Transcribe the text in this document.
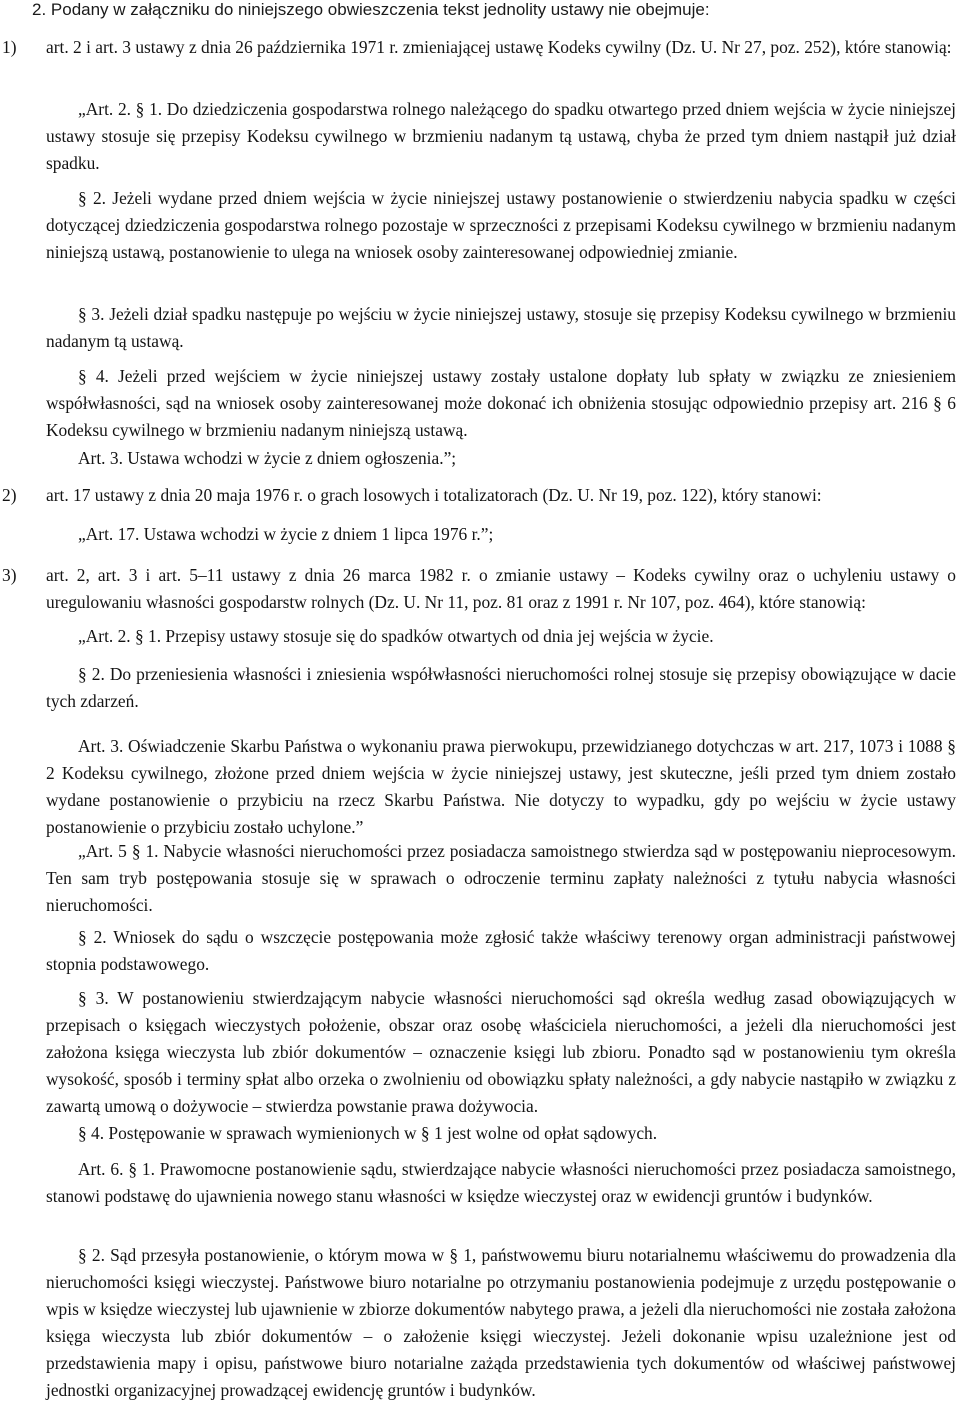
2. Podany w załączniku do niniejszego obwieszczenia tekst jednolity ustawy nie obejmuje:
1) art. 2 i art. 3 ustawy z dnia 26 października 1971 r. zmieniającej ustawę Kodeks cywilny (Dz. U. Nr 27, poz. 252), które stanowią:
„Art. 2. § 1. Do dziedziczenia gospodarstwa rolnego należącego do spadku otwartego przed dniem wejścia w życie niniejszej ustawy stosuje się przepisy Kodeksu cywilnego w brzmieniu nadanym tą ustawą, chyba że przed tym dniem nastąpił już dział spadku.
§ 2. Jeżeli wydane przed dniem wejścia w życie niniejszej ustawy postanowienie o stwierdzeniu nabycia spadku w części dotyczącej dziedziczenia gospodarstwa rolnego pozostaje w sprzeczności z przepisami Kodeksu cywilnego w brzmieniu nadanym niniejszą ustawą, postanowienie to ulega na wniosek osoby zainteresowanej odpowiedniej zmianie.
§ 3. Jeżeli dział spadku następuje po wejściu w życie niniejszej ustawy, stosuje się przepisy Kodeksu cywilnego w brzmieniu nadanym tą ustawą.
§ 4. Jeżeli przed wejściem w życie niniejszej ustawy zostały ustalone dopłaty lub spłaty w związku ze zniesieniem współwłasności, sąd na wniosek osoby zainteresowanej może dokonać ich obniżenia stosując odpowiednio przepisy art. 216 § 6 Kodeksu cywilnego w brzmieniu nadanym niniejszą ustawą.
Art. 3. Ustawa wchodzi w życie z dniem ogłoszenia.”;
2) art. 17 ustawy z dnia 20 maja 1976 r. o grach losowych i totalizatorach (Dz. U. Nr 19, poz. 122), który stanowi:
„Art. 17. Ustawa wchodzi w życie z dniem 1 lipca 1976 r.”;
3) art. 2, art. 3 i art. 5–11 ustawy z dnia 26 marca 1982 r. o zmianie ustawy – Kodeks cywilny oraz o uchyleniu ustawy o uregulowaniu własności gospodarstw rolnych (Dz. U. Nr 11, poz. 81 oraz z 1991 r. Nr 107, poz. 464), które stanowią:
„Art. 2. § 1. Przepisy ustawy stosuje się do spadków otwartych od dnia jej wejścia w życie.
§ 2. Do przeniesienia własności i zniesienia współwłasności nieruchomości rolnej stosuje się przepisy obowiązujące w dacie tych zdarzeń.
Art. 3. Oświadczenie Skarbu Państwa o wykonaniu prawa pierwokupu, przewidzianego dotychczas w art. 217, 1073 i 1088 § 2 Kodeksu cywilnego, złożone przed dniem wejścia w życie niniejszej ustawy, jest skuteczne, jeśli przed tym dniem zostało wydane postanowienie o przybiciu na rzecz Skarbu Państwa. Nie dotyczy to wypadku, gdy po wejściu w życie ustawy postanowienie o przybiciu zostało uchylone.”
„Art. 5 § 1. Nabycie własności nieruchomości przez posiadacza samoistnego stwierdza sąd w postępowaniu nieprocesowym. Ten sam tryb postępowania stosuje się w sprawach o odroczenie terminu zapłaty należności z tytułu nabycia własności nieruchomości.
§ 2. Wniosek do sądu o wszczęcie postępowania może zgłosić także właściwy terenowy organ administracji państwowej stopnia podstawowego.
§ 3. W postanowieniu stwierdzającym nabycie własności nieruchomości sąd określa według zasad obowiązujących w przepisach o księgach wieczystych położenie, obszar oraz osobę właściciela nieruchomości, a jeżeli dla nieruchomości jest założona księga wieczysta lub zbiór dokumentów – oznaczenie księgi lub zbioru. Ponadto sąd w postanowieniu tym określa wysokość, sposób i terminy spłat albo orzeka o zwolnieniu od obowiązku spłaty należności, a gdy nabycie nastąpiło w związku z zawartą umową o dożywocie – stwierdza powstanie prawa dożywocia.
§ 4. Postępowanie w sprawach wymienionych w § 1 jest wolne od opłat sądowych.
Art. 6. § 1. Prawomocne postanowienie sądu, stwierdzające nabycie własności nieruchomości przez posiadacza samoistnego, stanowi podstawę do ujawnienia nowego stanu własności w księdze wieczystej oraz w ewidencji gruntów i budynków.
§ 2. Sąd przesyła postanowienie, o którym mowa w § 1, państwowemu biuru notarialnemu właściwemu do prowadzenia dla nieruchomości księgi wieczystej. Państwowe biuro notarialne po otrzymaniu postanowienia podejmuje z urzędu postępowanie o wpis w księdze wieczystej lub ujawnienie w zbiorze dokumentów nabytego prawa, a jeżeli dla nieruchomości nie została założona księga wieczysta lub zbiór dokumentów – o założenie księgi wieczystej. Jeżeli dokonanie wpisu uzależnione jest od przedstawienia mapy i opisu, państwowe biuro notarialne zażąda przedstawienia tych dokumentów od właściwej państwowej jednostki organizacyjnej prowadzącej ewidencję gruntów i budynków.
